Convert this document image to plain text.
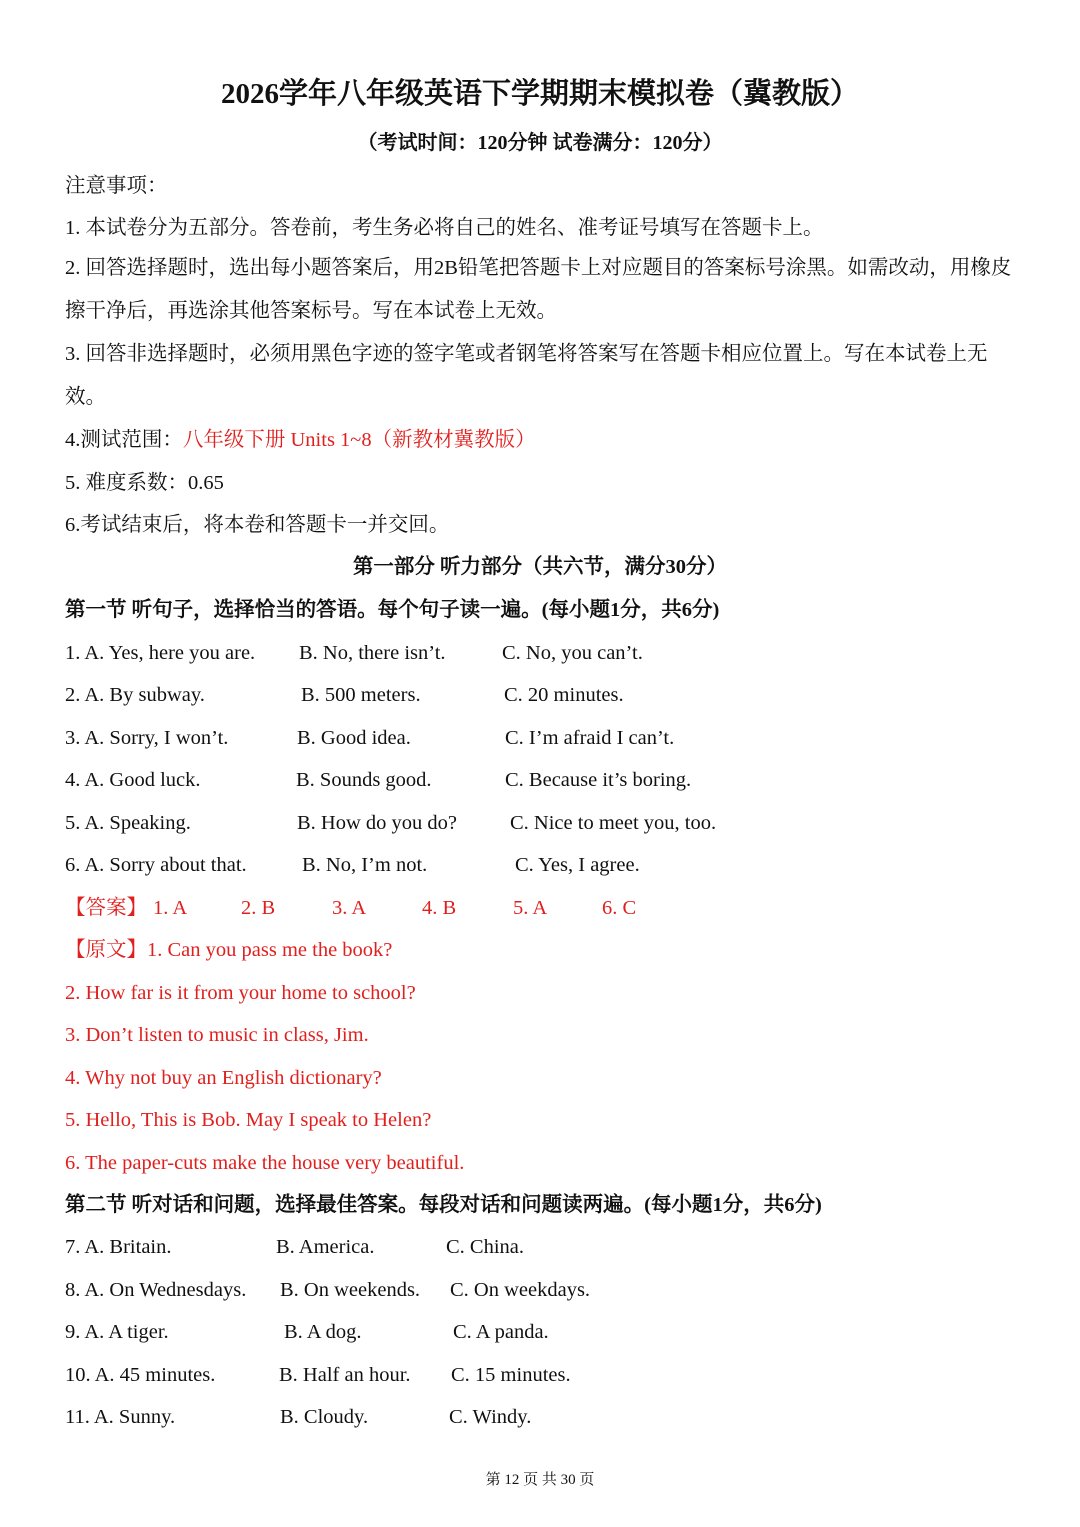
2026学年八年级英语下学期期末模拟卷（冀教版）
（考试时间：120分钟 试卷满分：120分）
注意事项：
1. 本试卷分为五部分。答卷前，考生务必将自己的姓名、准考证号填写在答题卡上。
2. 回答选择题时，选出每小题答案后，用2B铅笔把答题卡上对应题目的答案标号涂黑。如需改动，用橡皮擦干净后，再选涂其他答案标号。写在本试卷上无效。
3. 回答非选择题时，必须用黑色字迹的签字笔或者钢笔将答案写在答题卡相应位置上。写在本试卷上无效。
4.测试范围：八年级下册 Units 1~8（新教材冀教版）
5. 难度系数：0.65
6.考试结束后，将本卷和答题卡一并交回。
第一部分 听力部分（共六节，满分30分）
第一节 听句子，选择恰当的答语。每个句子读一遍。(每小题1分，共6分)
1. A. Yes, here you are. B. No, there isn’t.	C. No, you can’t.
2. A. By subway.	B. 500 meters.	C. 20 minutes.
3. A. Sorry, I won’t.	B. Good idea.	C. I’m afraid I can’t.
4. A. Good luck.	B. Sounds good.	C. Because it’s boring.
5. A. Speaking.	B. How do you do?	C. Nice to meet you, too.
6. A. Sorry about that.	B. No, I’m not.	C. Yes, I agree.
【答案】 1. A	2. B	3. A	4. B	5. A	6. C
【原文】1. Can you pass me the book?
2. How far is it from your home to school?
3. Don’t listen to music in class, Jim.
4. Why not buy an English dictionary?
5. Hello, This is Bob. May I speak to Helen?
6. The paper-cuts make the house very beautiful.
第二节 听对话和问题，选择最佳答案。每段对话和问题读两遍。(每小题1分，共6分)
7. A. Britain.	B. America.	C. China.
8. A. On Wednesdays. B. On weekends. C. On weekdays.
9. A. A tiger.	B. A dog.	C. A panda.
10. A. 45 minutes.	B. Half an hour. C. 15 minutes.
11. A. Sunny.	B. Cloudy.	C. Windy.
第 12 页 共 30 页
